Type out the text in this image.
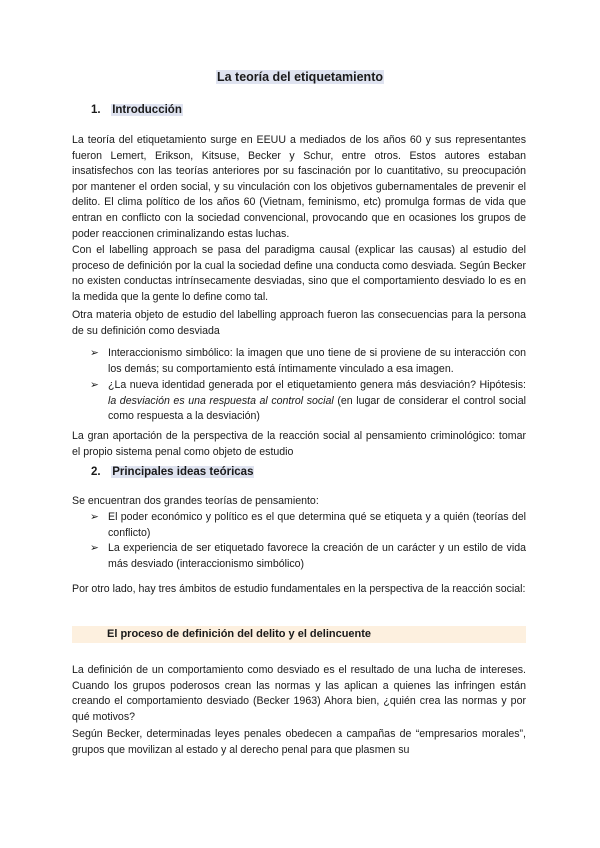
La teoría del etiquetamiento
1. Introducción

La teoría del etiquetamiento surge en EEUU a mediados de los años 60 y sus representantes fueron Lemert, Erikson, Kitsuse, Becker y Schur, entre otros. Estos autores estaban insatisfechos con las teorías anteriores por su fascinación por lo cuantitativo, su preocupación por mantener el orden social, y su vinculación con los objetivos gubernamentales de prevenir el delito. El clima político de los años 60 (Vietnam, feminismo, etc) promulga formas de vida que entran en conflicto con la sociedad convencional, provocando que en ocasiones los grupos de poder reaccionen criminalizando estas luchas.

Con el labelling approach se pasa del paradigma causal (explicar las causas) al estudio del proceso de definición por la cual la sociedad define una conducta como desviada. Según Becker no existen conductas intrínsecamente desviadas, sino que el comportamiento desviado lo es en la medida que la gente lo define como tal.

Otra materia objeto de estudio del labelling approach fueron las consecuencias para la persona de su definición como desviada

➢ Interaccionismo simbólico: la imagen que uno tiene de si proviene de su interacción con los demás; su comportamiento está íntimamente vinculado a esa imagen.
➢ ¿La nueva identidad generada por el etiquetamiento genera más desviación? Hipótesis: la desviación es una respuesta al control social (en lugar de considerar el control social como respuesta a la desviación)

La gran aportación de la perspectiva de la reacción social al pensamiento criminológico: tomar el propio sistema penal como objeto de estudio

2. Principales ideas teóricas

Se encuentran dos grandes teorías de pensamiento:

➢ El poder económico y político es el que determina qué se etiqueta y a quién (teorías del conflicto)
➢ La experiencia de ser etiquetado favorece la creación de un carácter y un estilo de vida más desviado (interaccionismo simbólico)

Por otro lado, hay tres ámbitos de estudio fundamentales en la perspectiva de la reacción social:

El proceso de definición del delito y el delincuente

La definición de un comportamiento como desviado es el resultado de una lucha de intereses. Cuando los grupos poderosos crean las normas y las aplican a quienes las infringen están creando el comportamiento desviado (Becker 1963) Ahora bien, ¿quién crea las normas y por qué motivos?

Según Becker, determinadas leyes penales obedecen a campañas de “empresarios morales”, grupos que movilizan al estado y al derecho penal para que plasmen su
